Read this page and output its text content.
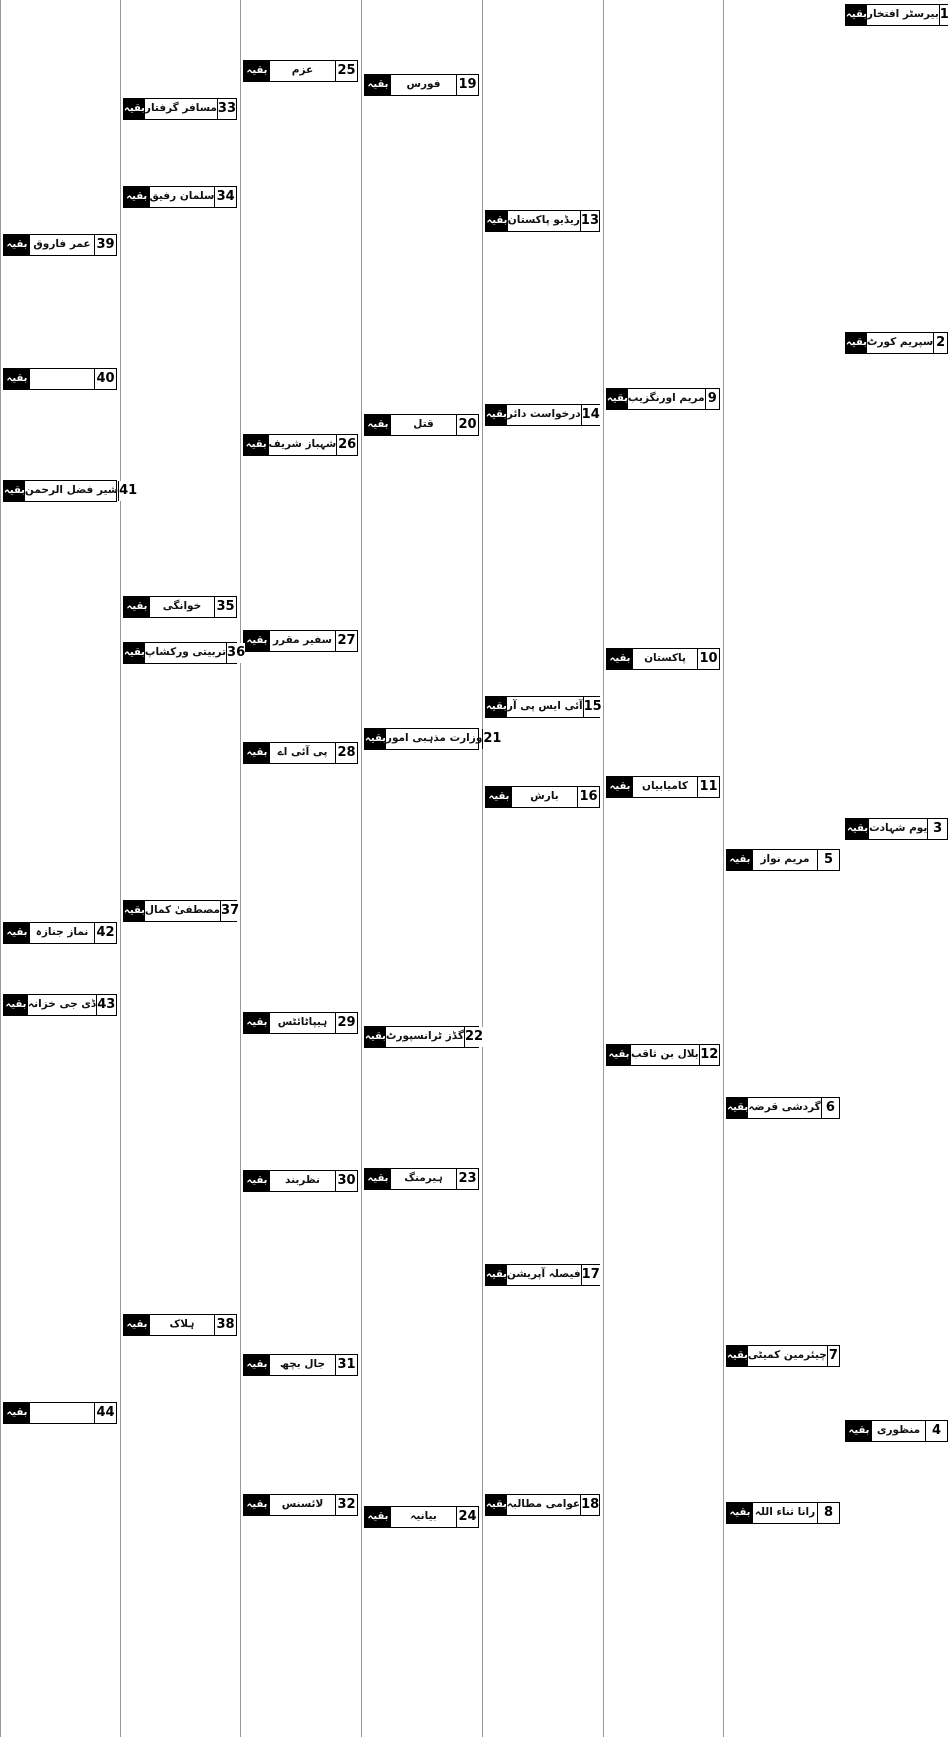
1
بیرسٹر افتخار
بقیہ
2
سپریم کورٹ
بقیہ
3
یوم شہادت
بقیہ
4
منظوری
بقیہ
5
مریم نواز
بقیہ
6
گردشی قرضہ
بقیہ
7
چیئرمین کمیٹی
بقیہ
8
رانا ثناء اللہ
بقیہ
9
مریم اورنگزیب
بقیہ
10
پاکستان
بقیہ
11
کامیابیاں
بقیہ
12
بلال بن ثاقب
بقیہ
13
ریڈیو پاکستان
بقیہ
14
درخواست دائر
بقیہ
15
آئی ایس پی آر
بقیہ
16
بارش
بقیہ
17
فیصلہ آپریشن
بقیہ
18
عوامی مطالبہ
بقیہ
19
فورس
بقیہ
20
قتل
بقیہ
21
وزارت مذہبی امور
بقیہ
22
گڈز ٹرانسپورٹ
بقیہ
23
ہیرمنگ
بقیہ
24
بیانیہ
بقیہ
25
عزم
بقیہ
26
شہباز شریف
بقیہ
27
سفیر مقرر
بقیہ
28
پی آئی اے
بقیہ
29
ہیپاٹائٹس
بقیہ
30
نظربند
بقیہ
31
جال بچھ
بقیہ
32
لائسنس
بقیہ
33
مسافر گرفتار
بقیہ
34
سلمان رفیق
بقیہ
35
خوانگی
بقیہ
36
تربیتی ورکشاپ
بقیہ
37
مصطفیٰ کمال
بقیہ
38
ہلاک
بقیہ
39
عمر فاروق
بقیہ
40
بقیہ
41
شیر فضل الرحمن
بقیہ
42
نماز جنازہ
بقیہ
43
ڈی جی خزانہ
بقیہ
44
بقیہ
